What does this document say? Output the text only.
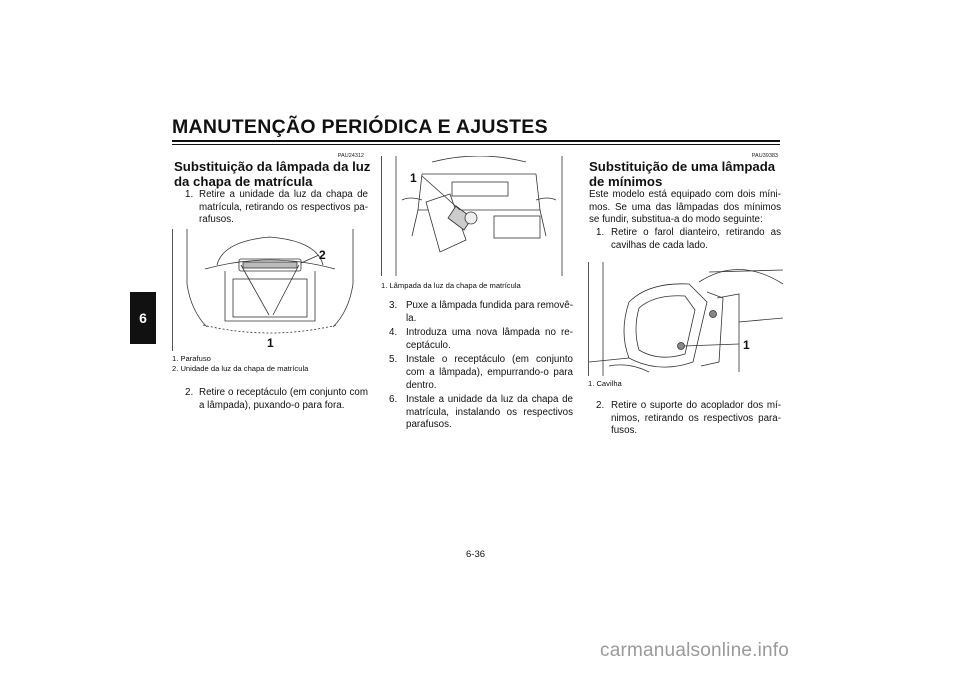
MANUTENÇÃO PERIÓDICA E AJUSTES
6
PAU24312
Substituição da lâmpada da luz da chapa de matrícula
1. Retire a unidade da luz da chapa de matrícula, retirando os respectivos pa-rafusos.
2
1
1. Parafuso
2. Unidade da luz da chapa de matrícula
2. Retire o receptáculo (em conjunto com a lâmpada), puxando-o para fora.
1
1. Lâmpada da luz da chapa de matrícula
3. Puxe a lâmpada fundida para removê-la.
4. Introduza uma nova lâmpada no re-ceptáculo.
5. Instale o receptáculo (em conjunto com a lâmpada), empurrando-o para dentro.
6. Instale a unidade da luz da chapa de matrícula, instalando os respectivos parafusos.
PAU39383
Substituição de uma lâmpada de mínimos
Este modelo está equipado com dois míni-mos. Se uma das lâmpadas dos mínimos se fundir, substitua-a do modo seguinte:
1. Retire o farol dianteiro, retirando as cavilhas de cada lado.
1
1. Cavilha
2. Retire o suporte do acoplador dos mí-nimos, retirando os respectivos para-fusos.
6-36
carmanualsonline.info
